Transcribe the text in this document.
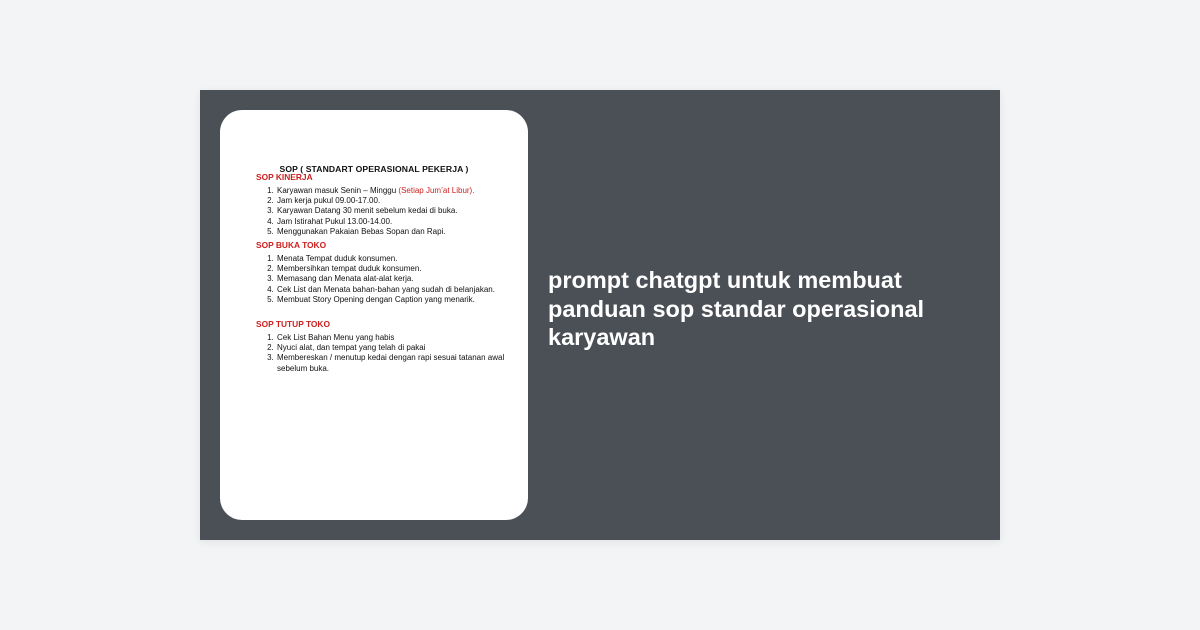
SOP ( STANDART OPERASIONAL PEKERJA )
SOP KINERJA
1. Karyawan masuk Senin – Minggu (Setiap Jum’at Libur).
2. Jam kerja pukul 09.00-17.00.
3. Karyawan Datang 30 menit sebelum kedai di buka.
4. Jam Istirahat Pukul 13.00-14.00.
5. Menggunakan Pakaian Bebas Sopan dan Rapi.
SOP BUKA TOKO
1. Menata Tempat duduk konsumen.
2. Membersihkan tempat duduk konsumen.
3. Memasang dan Menata alat-alat kerja.
4. Cek List dan Menata bahan-bahan yang sudah di belanjakan.
5. Membuat Story Opening dengan Caption yang menarik.
SOP TUTUP TOKO
1. Cek List Bahan Menu yang habis
2. Nyuci alat, dan tempat yang telah di pakai
3. Membereskan / menutup kedai dengan rapi sesuai tatanan awal sebelum buka.
prompt chatgpt untuk membuat panduan sop standar operasional karyawan
